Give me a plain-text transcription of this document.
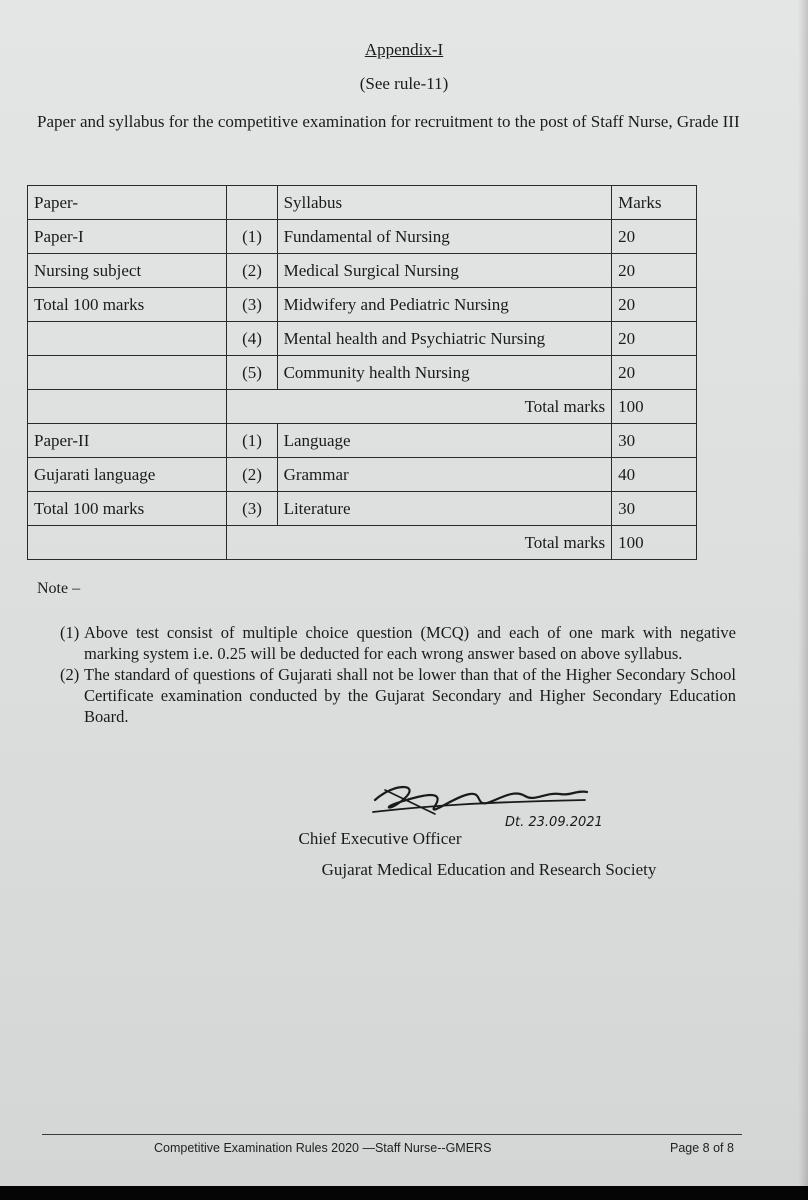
Appendix-I
(See rule-11)
Paper and syllabus for the competitive examination for recruitment to the post of Staff Nurse, Grade III
Paper-		Syllabus	Marks
Paper-I	(1)	Fundamental of Nursing	20
Nursing subject	(2)	Medical Surgical Nursing	20
Total 100 marks	(3)	Midwifery and Pediatric Nursing	20
	(4)	Mental health and Psychiatric Nursing	20
	(5)	Community health Nursing	20
	Total marks		100
Paper-II	(1)	Language	30
Gujarati language	(2)	Grammar	40
Total 100 marks	(3)	Literature	30
	Total marks		100
Note –
(1) Above test consist of multiple choice question (MCQ) and each of one mark with negative marking system i.e. 0.25 will be deducted for each wrong answer based on above syllabus.
(2) The standard of questions of Gujarati shall not be lower than that of the Higher Secondary School Certificate examination conducted by the Gujarat Secondary and Higher Secondary Education Board.
Dt. 23.09.2021
Chief Executive Officer
Gujarat Medical Education and Research Society
Competitive Examination Rules 2020 —Staff Nurse--GMERS	Page 8 of 8
